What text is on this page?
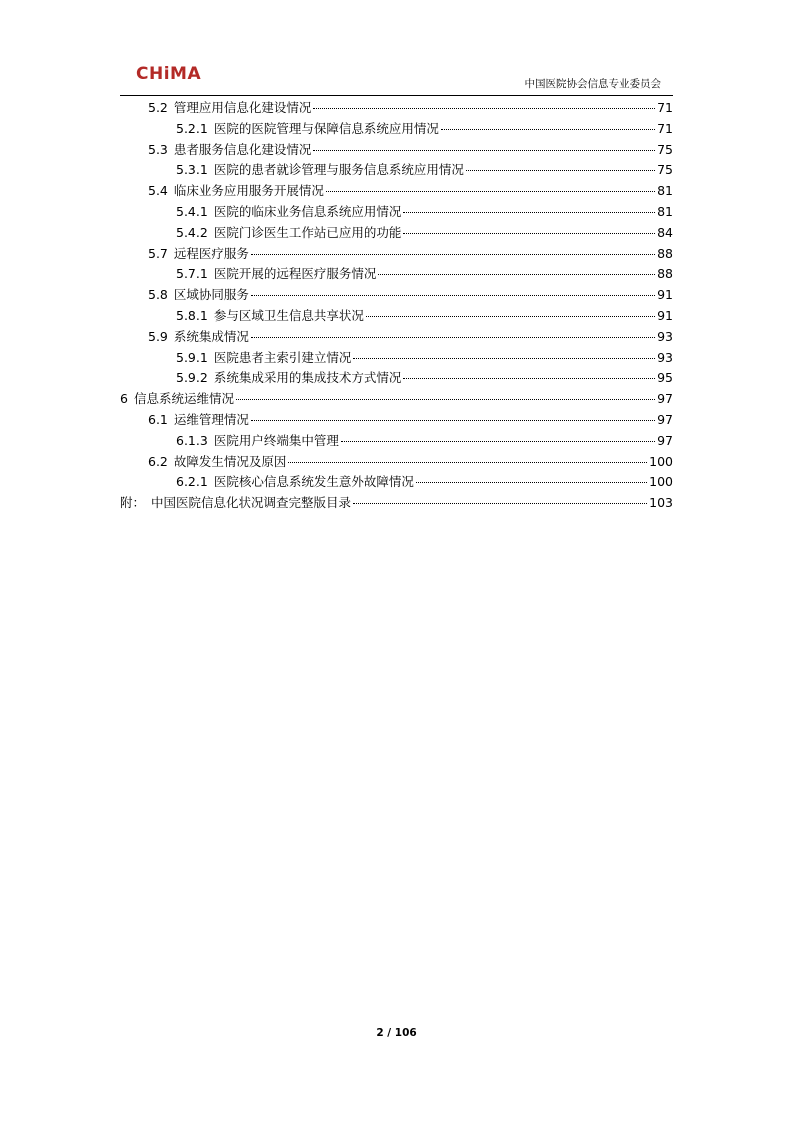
CHiMA	中国医院协会信息专业委员会
5.2 管理应用信息化建设情况	71
5.2.1 医院的医院管理与保障信息系统应用情况	71
5.3 患者服务信息化建设情况	75
5.3.1 医院的患者就诊管理与服务信息系统应用情况	75
5.4 临床业务应用服务开展情况	81
5.4.1 医院的临床业务信息系统应用情况	81
5.4.2 医院门诊医生工作站已应用的功能	84
5.7 远程医疗服务	88
5.7.1 医院开展的远程医疗服务情况	88
5.8 区域协同服务	91
5.8.1 参与区域卫生信息共享状况	91
5.9 系统集成情况	93
5.9.1 医院患者主索引建立情况	93
5.9.2 系统集成采用的集成技术方式情况	95
6 信息系统运维情况	97
6.1 运维管理情况	97
6.1.3 医院用户终端集中管理	97
6.2 故障发生情况及原因	100
6.2.1 医院核心信息系统发生意外故障情况	100
附： 中国医院信息化状况调查完整版目录	103
2 / 106
